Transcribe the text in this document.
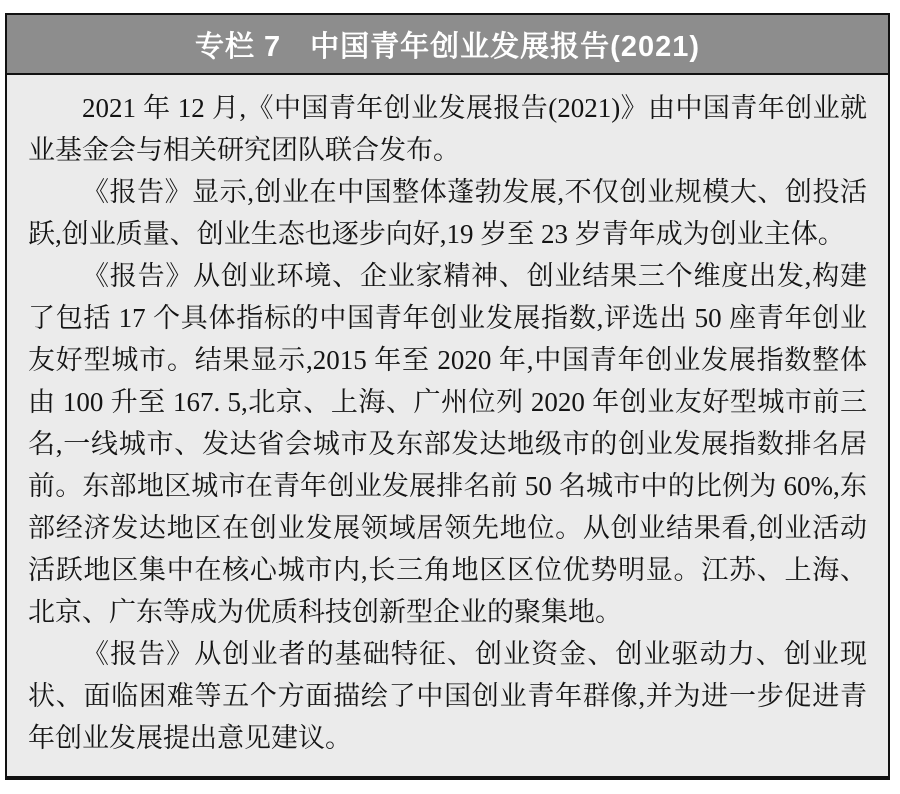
专栏 7 中国青年创业发展报告(2021)

2021 年 12 月,《中国青年创业发展报告(2021)》由中国青年创业就业基金会与相关研究团队联合发布。

《报告》显示,创业在中国整体蓬勃发展,不仅创业规模大、创投活跃,创业质量、创业生态也逐步向好,19 岁至 23 岁青年成为创业主体。

《报告》从创业环境、企业家精神、创业结果三个维度出发,构建了包括 17 个具体指标的中国青年创业发展指数,评选出 50 座青年创业友好型城市。结果显示,2015 年至 2020 年,中国青年创业发展指数整体由 100 升至 167. 5,北京、上海、广州位列 2020 年创业友好型城市前三名,一线城市、发达省会城市及东部发达地级市的创业发展指数排名居前。东部地区城市在青年创业发展排名前 50 名城市中的比例为 60%,东部经济发达地区在创业发展领域居领先地位。从创业结果看,创业活动活跃地区集中在核心城市内,长三角地区区位优势明显。江苏、上海、北京、广东等成为优质科技创新型企业的聚集地。

《报告》从创业者的基础特征、创业资金、创业驱动力、创业现状、面临困难等五个方面描绘了中国创业青年群像,并为进一步促进青年创业发展提出意见建议。
